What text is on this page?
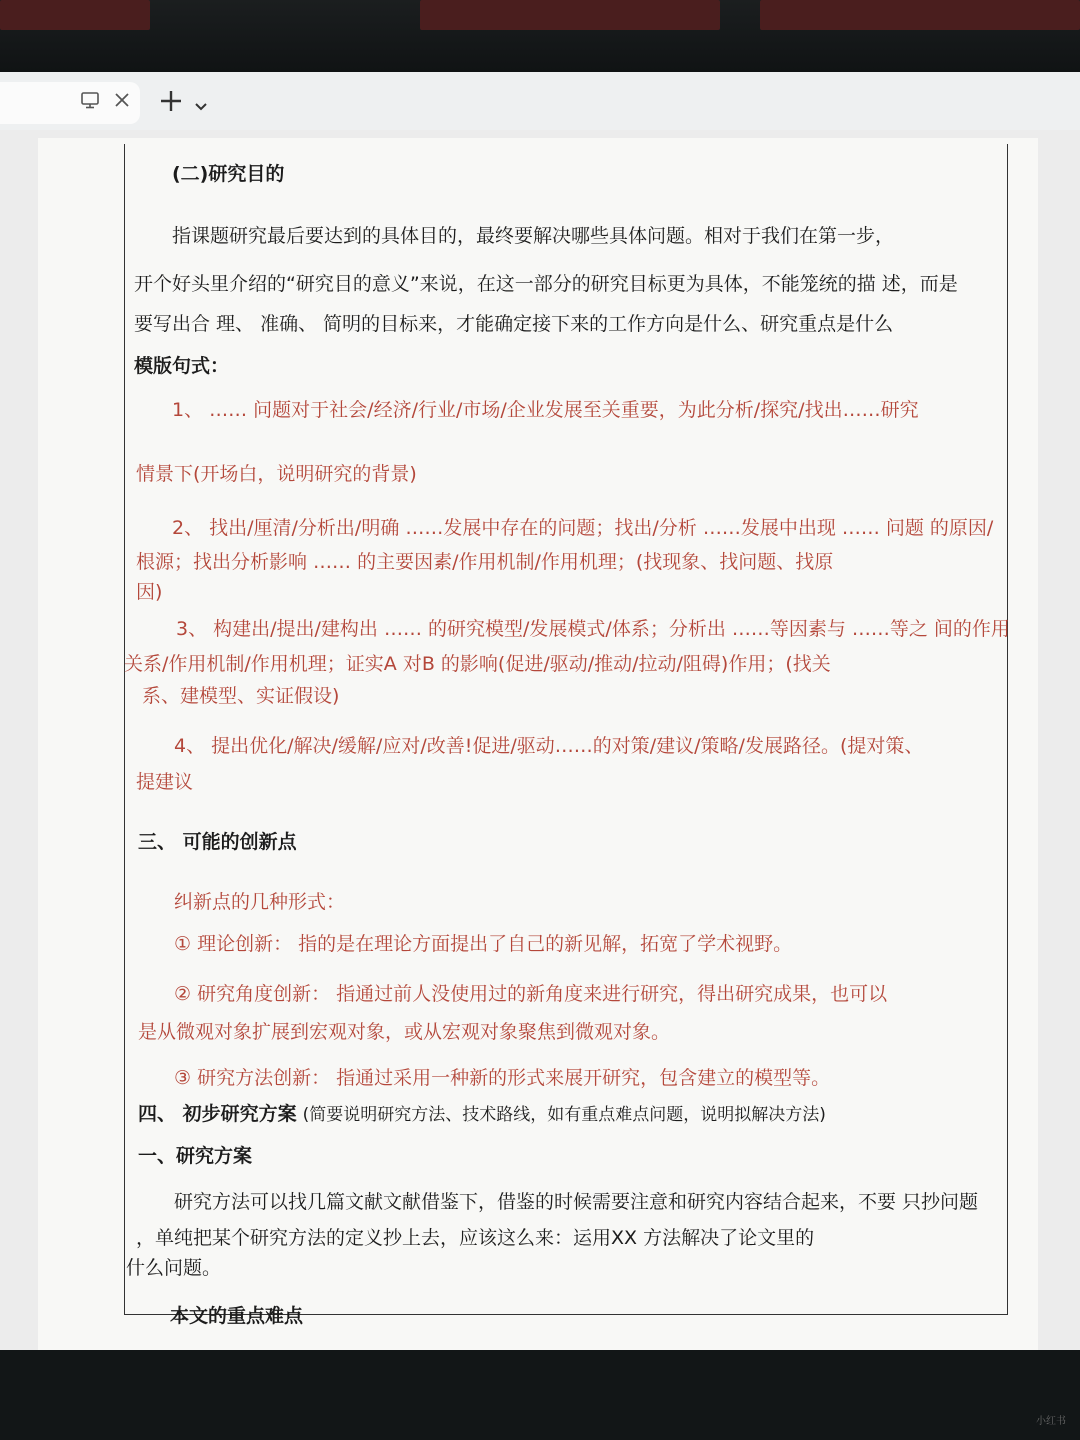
(二)研究目的
指课题研究最后要达到的具体目的，最终要解决哪些具体问题。相对于我们在第一步，
开个好头里介绍的“研究目的意义”来说，在这一部分的研究目标更为具体，不能笼统的描 述，而是
要写出合 理、 准确、 简明的目标来，才能确定接下来的工作方向是什么、研究重点是什么
模版句式：
1、 …… 问题对于社会/经济/行业/市场/企业发展至关重要，为此分析/探究/找出……研究
情景下(开场白，说明研究的背景)
2、 找出/厘清/分析出/明确 ……发展中存在的问题；找出/分析 ……发展中出现 …… 问题 的原因/
根源；找出分析影响 …… 的主要因素/作用机制/作用机理；(找现象、找问题、找原
因)
3、 构建出/提出/建构出 …… 的研究模型/发展模式/体系；分析出 ……等因素与 ……等之 间的作用
关系/作用机制/作用机理；证实A 对B 的影响(促进/驱动/推动/拉动/阻碍)作用；(找关
系、建模型、实证假设)
4、 提出优化/解决/缓解/应对/改善!促进/驱动……的对策/建议/策略/发展路径。(提对策、
提建议
三、 可能的创新点
纠新点的几种形式：
① 理论创新： 指的是在理论方面提出了自己的新见解，拓宽了学术视野。
② 研究角度创新： 指通过前人没使用过的新角度来进行研究，得出研究成果，也可以
是从微观对象扩展到宏观对象，或从宏观对象聚焦到微观对象。
③ 研究方法创新： 指通过采用一种新的形式来展开研究，包含建立的模型等。
四、 初步研究方案 (简要说明研究方法、技术路线，如有重点难点问题，说明拟解决方法)
一、研究方案
研究方法可以找几篇文献文献借鉴下，借鉴的时候需要注意和研究内容结合起来，不要 只抄问题
，单纯把某个研究方法的定义抄上去，应该这么来：运用XX 方法解决了论文里的
什么问题。
本文的重点难点
小红书
